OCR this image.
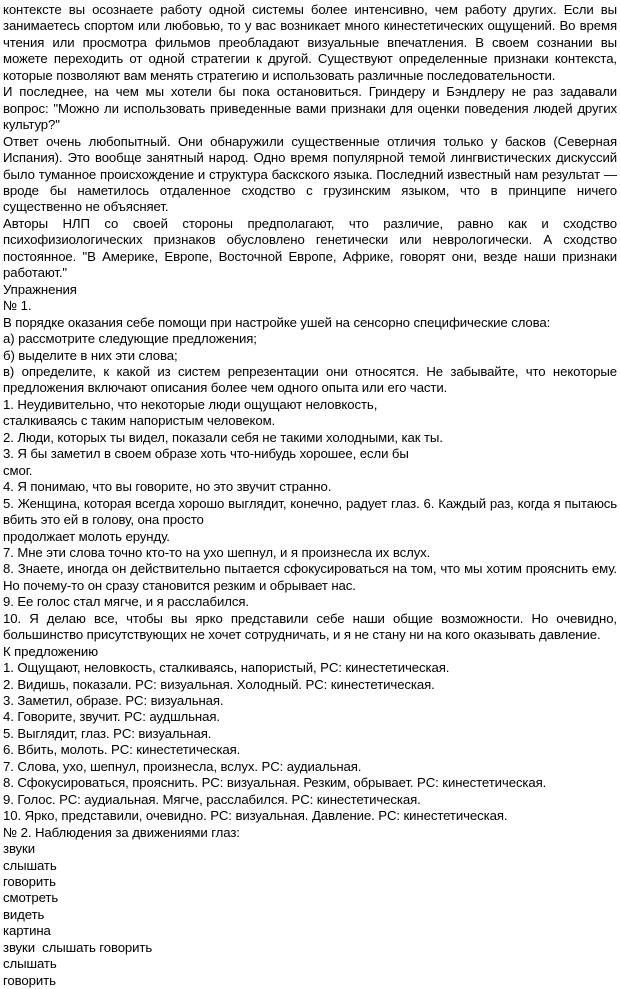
контексте вы осознаете работу одной системы более интенсивно, чем работу других. Если вы занимаетесь спортом или любовью, то у вас возникает много кинестетических ощущений. Во время чтения или просмотра фильмов преобладают визуальные впечатления. В своем сознании вы можете переходить от одной стратегии к другой. Существуют определенные признаки контекста, которые позволяют вам менять стратегию и использовать различные последовательности.

И последнее, на чем мы хотели бы пока остановиться. Гриндеру и Бэндлеру не раз задавали вопрос: "Можно ли использовать приведенные вами признаки для оценки поведения людей других культур?"

Ответ очень любопытный. Они обнаружили существенные отличия только у басков (Северная Испания). Это вообще занятный народ. Одно время популярной темой лингвистических дискуссий было туманное происхождение и структура баскского языка. Последний известный нам результат — вроде бы наметилось отдаленное сходство с грузинским языком, что в принципе ничего существенно не объясняет.

Авторы НЛП со своей стороны предполагают, что различие, равно как и сходство психофизиологических признаков обусловлено генетически или неврологически. А сходство постоянное. "В Америке, Европе, Восточной Европе, Африке, говорят они, везде наши признаки работают."

Упражнения

№ 1.

В порядке оказания себе помощи при настройке ушей на сенсорно специфические слова:

а) рассмотрите следующие предложения;

б) выделите в них эти слова;

в) определите, к какой из систем репрезентации они относятся. Не забывайте, что некоторые предложения включают описания более чем одного опыта или его части.

1. Неудивительно, что некоторые люди ощущают неловкость,

сталкиваясь с таким напористым человеком.

2. Люди, которых ты видел, показали себя не такими холодными, как ты.

3. Я бы заметил в своем образе хоть что-нибудь хорошее, если бы

смог.

4. Я понимаю, что вы говорите, но это звучит странно.

5. Женщина, которая всегда хорошо выглядит, конечно, радует глаз. 6. Каждый раз, когда я пытаюсь вбить это ей в голову, она просто

продолжает молоть ерунду.

7. Мне эти слова точно кто-то на ухо шепнул, и я произнесла их вслух.

8. Знаете, иногда он действительно пытается сфокусироваться на том, что мы хотим прояснить ему. Но почему-то он сразу становится резким и обрывает нас.

9. Ее голос стал мягче, и я расслабился.

10. Я делаю все, чтобы вы ярко представили себе наши общие возможности. Но очевидно, большинство присутствующих не хочет сотрудничать, и я не стану ни на кого оказывать давление.

К предложению

1. Ощущают, неловкость, сталкиваясь, напористый, PC: кинестетическая.

2. Видишь, показали. PC: визуальная. Холодный. PC: кинестетическая.

3. Заметил, образе. PC: визуальная.

4. Говорите, звучит. PC: аудшльная.

5. Выглядит, глаз. PC: визуальная.

6. Вбить, молоть. PC: кинестетическая.

7. Слова, ухо, шепнул, произнесла, вслух. PC: аудиальная.

8. Сфокусироваться, прояснить. PC: визуальная. Резким, обрывает. PC: кинестетическая.

9. Голос. PC: аудиальная. Мягче, расслабился. PC: кинестетическая.

10. Ярко, представили, очевидно. PC: визуальная. Давление. PC: кинестетическая.

№ 2. Наблюдения за движениями глаз:

звуки

слышать

говорить

смотреть

видеть

картина

звуки  слышать говорить

слышать

говорить
